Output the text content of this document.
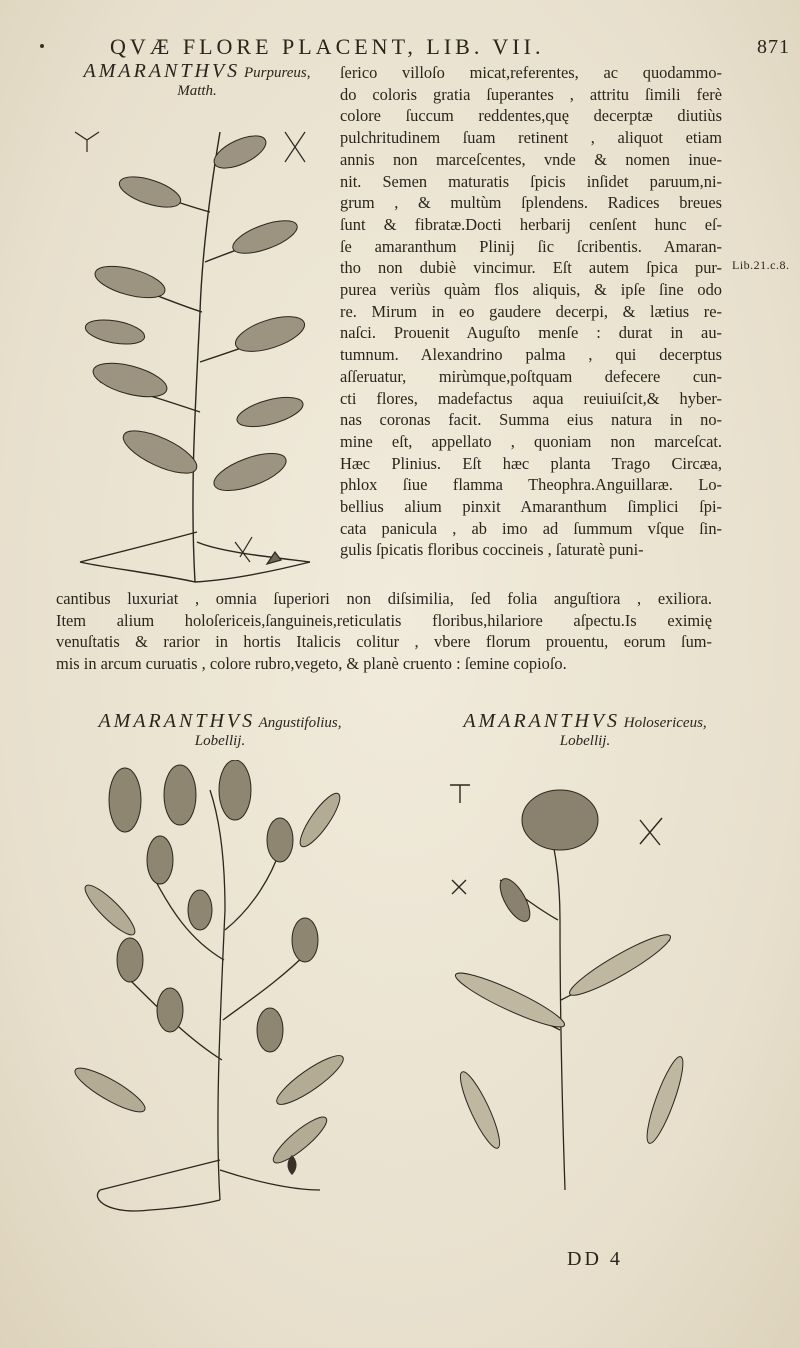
QVÆ FLORE PLACENT, LIB. VII.	871
AMARANTHVS Purpureus, Matth.
ſerico villoſo micat,referentes, ac quodammo-
do coloris gratia ſuperantes , attritu ſimili ferè
colore ſuccum reddentes,quę decerptæ diutiùs
pulchritudinem ſuam retinent , aliquot etiam
annis non marceſcentes, vnde & nomen inue-
nit. Semen maturatis ſpicis inſidet paruum,ni-
grum , & multùm ſplendens. Radices breues
ſunt & fibratæ.Docti herbarij cenſent hunc eſ-
ſe amaranthum Plinij ſic ſcribentis. Amaran-
tho non dubiè vincimur. Eſt autem ſpica pur-
purea veriùs quàm flos aliquis, & ipſe ſine odo
re. Mirum in eo gaudere decerpi, & lætius re-
naſci. Prouenit Auguſto menſe : durat in au-
tumnum. Alexandrino palma , qui decerptus
aſſeruatur, mirùmque,poſtquam defecere cun-
cti flores, madefactus aqua reuiuiſcit,& hyber-
nas coronas facit. Summa eius natura in no-
mine eſt, appellato , quoniam non marceſcat.
Hæc Plinius. Eſt hæc planta Trago Circæa,
phlox ſiue flamma Theophra.Anguillaræ. Lo-
bellius alium pinxit Amaranthum ſimplici ſpi-
cata panicula , ab imo ad ſummum vſque ſin-
gulis ſpicatis floribus coccineis , ſaturatè puni-
Lib.21.c.8.
cantibus luxuriat , omnia ſuperiori non diſsimilia, ſed folia anguſtiora , exiliora.
Item alium holoſericeis,ſanguineis,reticulatis floribus,hilariore aſpectu.Is eximię
venuſtatis & rarior in hortis Italicis colitur , vbere florum prouentu, eorum ſum-
mis in arcum curuatis , colore rubro,vegeto, & planè cruento : ſemine copioſo.
AMARANTHVS Angustifolius, Lobellij.
AMARANTHVS Holosericeus, Lobellij.
DD 4
